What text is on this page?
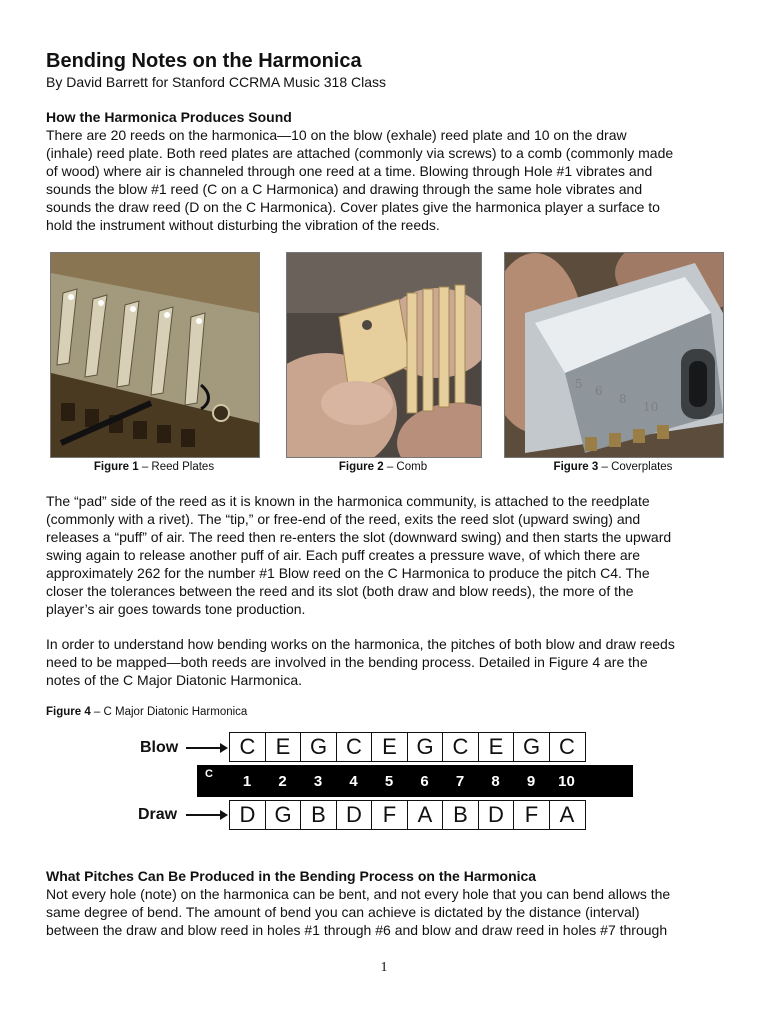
Bending Notes on the Harmonica
By David Barrett for Stanford CCRMA Music 318 Class
How the Harmonica Produces Sound
There are 20 reeds on the harmonica—10 on the blow (exhale) reed plate and 10 on the draw
(inhale) reed plate. Both reed plates are attached (commonly via screws) to a comb (commonly made
of wood) where air is channeled through one reed at a time. Blowing through Hole #1 vibrates and
sounds the blow #1 reed (C on a C Harmonica) and drawing through the same hole vibrates and
sounds the draw reed (D on the C Harmonica). Cover plates give the harmonica player a surface to
hold the instrument without disturbing the vibration of the reeds.
Figure 1 – Reed Plates	Figure 2 – Comb
5 6
8
10
Figure 3 – Coverplates
The “pad” side of the reed as it is known in the harmonica community, is attached to the reedplate
(commonly with a rivet). The “tip,” or free-end of the reed, exits the reed slot (upward swing) and
releases a “puff” of air. The reed then re-enters the slot (downward swing) and then starts the upward
swing again to release another puff of air. Each puff creates a pressure wave, of which there are
approximately 262 for the number #1 Blow reed on the C Harmonica to produce the pitch C4. The
closer the tolerances between the reed and its slot (both draw and blow reeds), the more of the
player’s air goes towards tone production.
In order to understand how bending works on the harmonica, the pitches of both blow and draw reeds
need to be mapped—both reeds are involved in the bending process. Detailed in Figure 4 are the
notes of the C Major Diatonic Harmonica.
Figure 4 – C Major Diatonic Harmonica
Blow	C E G C E G C E G C
C	1	2	3	4	5	6	7	8	9	10
Draw	D G B D F A B D F A
What Pitches Can Be Produced in the Bending Process on the Harmonica
Not every hole (note) on the harmonica can be bent, and not every hole that you can bend allows the
same degree of bend. The amount of bend you can achieve is dictated by the distance (interval)
between the draw and blow reed in holes #1 through #6 and blow and draw reed in holes #7 through
1
